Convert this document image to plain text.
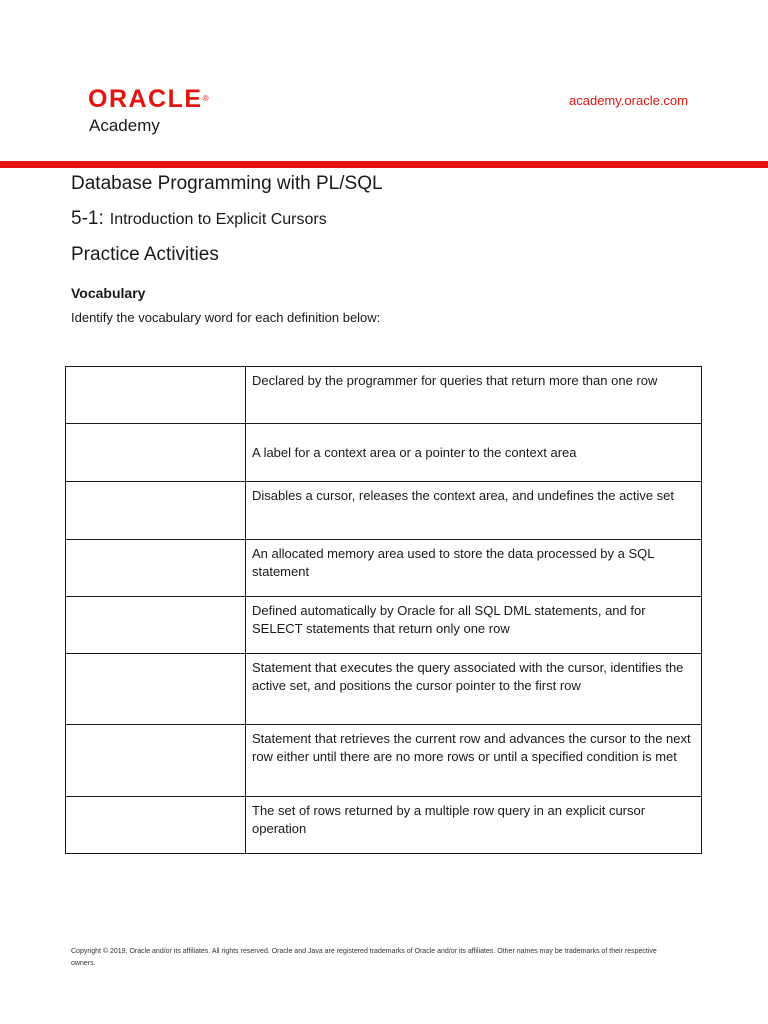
ORACLE®
Academy
academy.oracle.com
Database Programming with PL/SQL
5-1: Introduction to Explicit Cursors
Practice Activities
Vocabulary
Identify the vocabulary word for each definition below:
	Declared by the programmer for queries that return more than one row
	A label for a context area or a pointer to the context area
	Disables a cursor, releases the context area, and undefines the active set
	An allocated memory area used to store the data processed by a SQL statement
	Defined automatically by Oracle for all SQL DML statements, and for SELECT statements that return only one row
	Statement that executes the query associated with the cursor, identifies the active set, and positions the cursor pointer to the first row
	Statement that retrieves the current row and advances the cursor to the next row either until there are no more rows or until a specified condition is met
	The set of rows returned by a multiple row query in an explicit cursor operation
Copyright © 2019, Oracle and/or its affiliates. All rights reserved. Oracle and Java are registered trademarks of Oracle and/or its affiliates. Other names may be trademarks of their respective owners.
